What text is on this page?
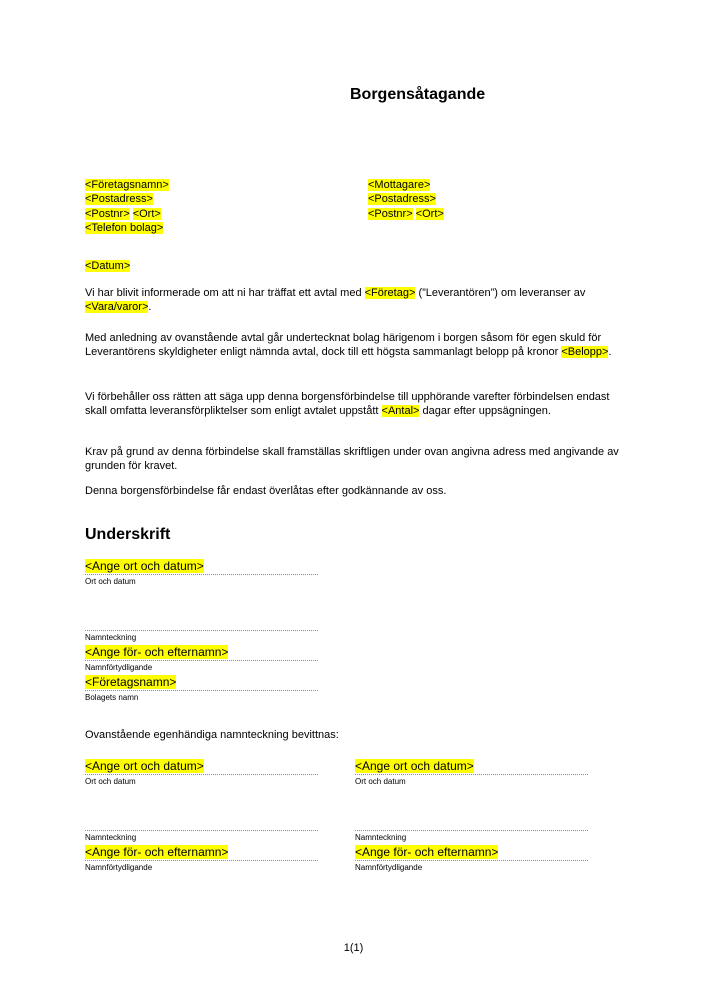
Borgensåtagande
<Företagsnamn>
<Postadress>
<Postnr> <Ort>
<Telefon bolag>
<Mottagare>
<Postadress>
<Postnr> <Ort>
<Datum>
Vi har blivit informerade om att ni har träffat ett avtal med <Företag> (”Leverantören”) om leveranser av <Vara/varor>.
Med anledning av ovanstående avtal går undertecknat bolag härigenom i borgen såsom för egen skuld för Leverantörens skyldigheter enligt nämnda avtal, dock till ett högsta sammanlagt belopp på kronor <Belopp>.
Vi förbehåller oss rätten att säga upp denna borgensförbindelse till upphörande varefter förbindelsen endast skall omfatta leveransförpliktelser som enligt avtalet uppstått <Antal> dagar efter uppsägningen.
Krav på grund av denna förbindelse skall framställas skriftligen under ovan angivna adress med angivande av grunden för kravet.
Denna borgensförbindelse får endast överlåtas efter godkännande av oss.
Underskrift
<Ange ort och datum>
Ort och datum
Namnteckning
<Ange för- och efternamn>
Namnförtydligande
<Företagsnamn>
Bolagets namn
Ovanstående egenhändiga namnteckning bevittnas:
<Ange ort och datum>
Ort och datum
Namnteckning
<Ange för- och efternamn>
Namnförtydligande
<Ange ort och datum>
Ort och datum
Namnteckning
<Ange för- och efternamn>
Namnförtydligande
1(1)
